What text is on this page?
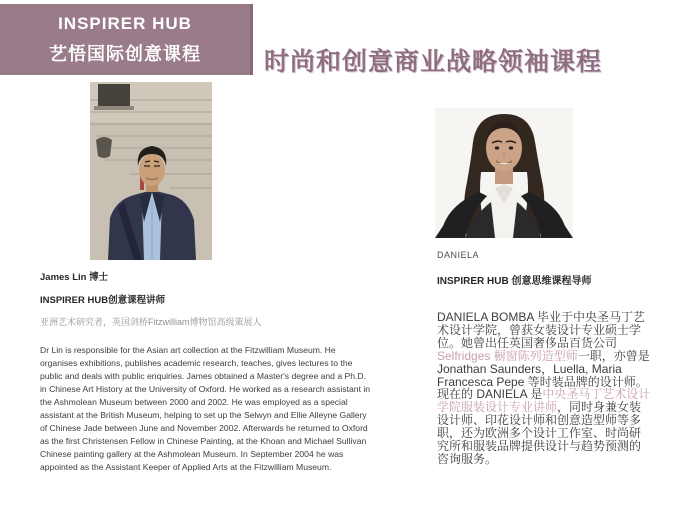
INSPIRER HUB
艺悟国际创意课程	时尚和创意商业战略领袖课程
James Lin 博士
INSPIRER HUB创意课程讲师
亚洲艺术研究者，英国剑桥Fitzwilliam博物馆高级策展人
Dr Lin is responsible for the Asian art collection at the Fitzwilliam Museum. He organises exhibitions, publishes academic research, teaches, gives lectures to the public and deals with public enquiries. James obtained a Master's degree and a Ph.D. in Chinese Art History at the University of Oxford. He worked as a research assistant in the Ashmolean Museum between 2000 and 2002. He was employed as a special assistant at the British Museum, helping to set up the Selwyn and Ellie Alleyne Gallery of Chinese Jade between June and November 2002. Afterwards he returned to Oxford as the first Christensen Fellow in Chinese Painting, at the Khoan and Michael Sullivan Chinese painting gallery at the Ashmolean Museum. In September 2004 he was appointed as the Assistant Keeper of Applied Arts at the Fitzwilliam Museum.
DANIELA
INSPIRER HUB 创意思维课程导师
DANIELA BOMBA 毕业于中央圣马丁艺术设计学院，曾获女装设计专业硕士学位。她曾出任英国奢侈品百货公司 Selfridges 橱窗陈列造型师一职，亦曾是 Jonathan Saunders，Luella, Maria Francesca Pepe 等时装品牌的设计师。现在的 DANIELA 是中央圣马丁艺术设计学院服装设计专业讲师，同时身兼女装设计师、印花设计师和创意造型师等多职，还为欧洲多个设计工作室、时尚研究所和服装品牌提供设计与趋势预测的咨询服务。
